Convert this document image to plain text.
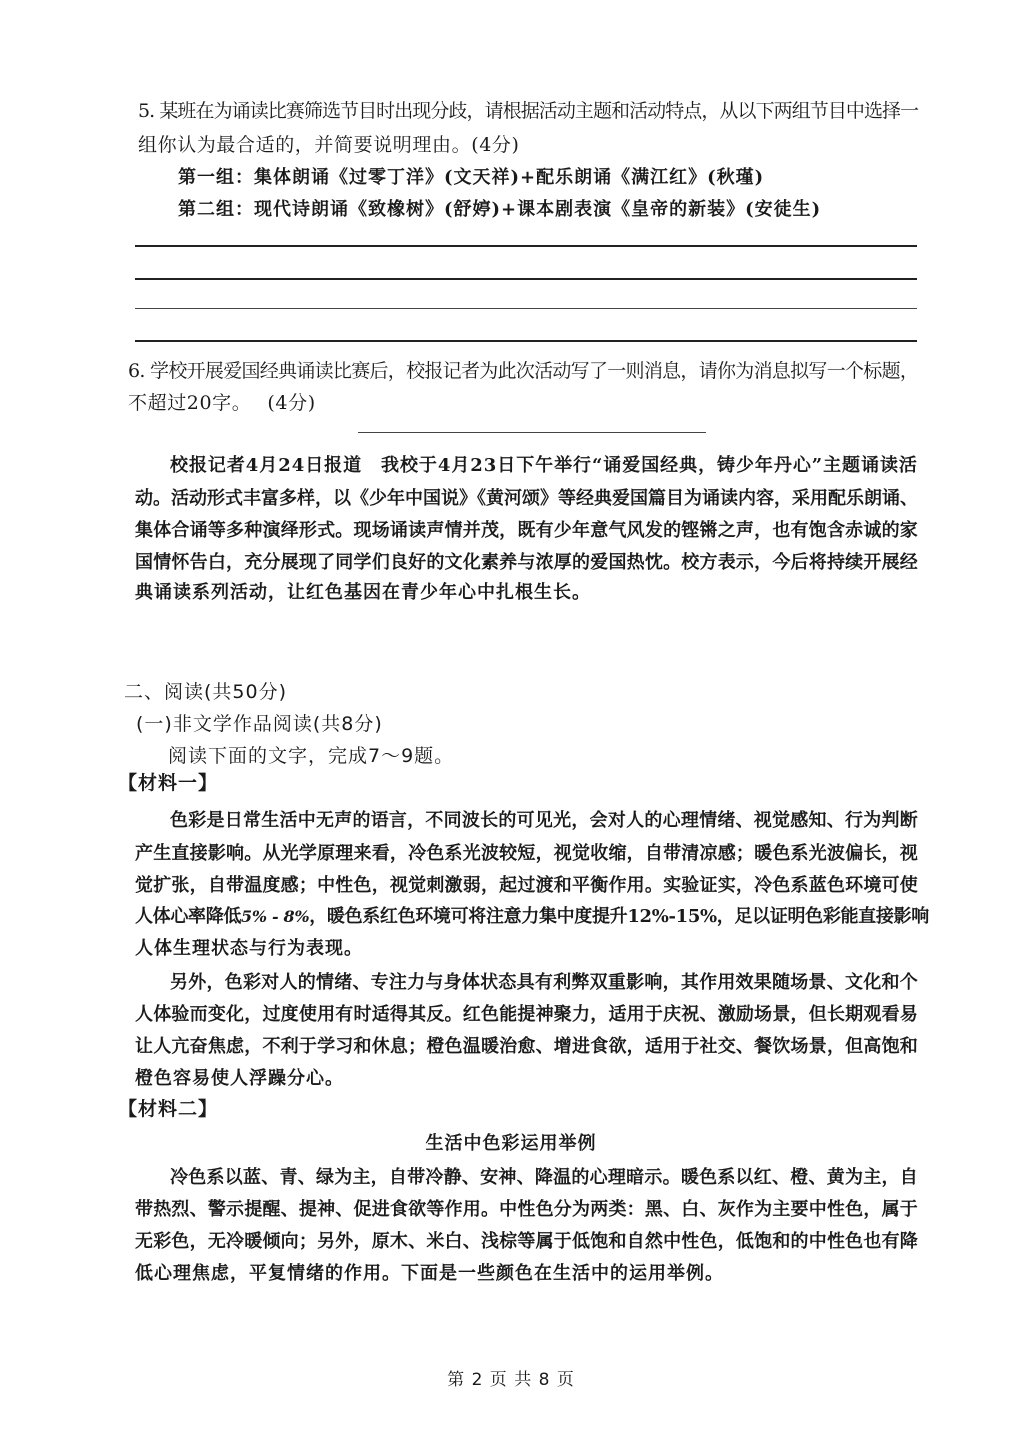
5. 某班在为诵读比赛筛选节目时出现分歧，请根据活动主题和活动特点，从以下两组节目中选择一
组你认为最合适的，并简要说明理由。(4分)
第一组：集体朗诵《过零丁洋》(文天祥)+配乐朗诵《满江红》(秋瑾)
第二组：现代诗朗诵《致橡树》(舒婷)+课本剧表演《皇帝的新装》(安徒生)
6. 学校开展爱国经典诵读比赛后，校报记者为此次活动写了一则消息，请你为消息拟写一个标题，
不超过20字。 (4分)
校报记者4月24日报道　我校于4月23日下午举行“诵爱国经典，铸少年丹心”主题诵读活
动。活动形式丰富多样，以《少年中国说》《黄河颂》等经典爱国篇目为诵读内容，采用配乐朗诵、
集体合诵等多种演绎形式。现场诵读声情并茂，既有少年意气风发的铿锵之声，也有饱含赤诚的家
国情怀告白，充分展现了同学们良好的文化素养与浓厚的爱国热忱。校方表示，今后将持续开展经
典诵读系列活动，让红色基因在青少年心中扎根生长。
二、阅读(共50分)
(一)非文学作品阅读(共8分)
阅读下面的文字，完成7～9题。
【材料一】
色彩是日常生活中无声的语言，不同波长的可见光，会对人的心理情绪、视觉感知、行为判断
产生直接影响。从光学原理来看，冷色系光波较短，视觉收缩，自带清凉感；暖色系光波偏长，视
觉扩张，自带温度感；中性色，视觉刺激弱，起过渡和平衡作用。实验证实，冷色系蓝色环境可使
人体心率降低5% - 8%，暖色系红色环境可将注意力集中度提升12%-15%，足以证明色彩能直接影响
人体生理状态与行为表现。
另外，色彩对人的情绪、专注力与身体状态具有利弊双重影响，其作用效果随场景、文化和个
人体验而变化，过度使用有时适得其反。红色能提神聚力，适用于庆祝、激励场景，但长期观看易
让人亢奋焦虑，不利于学习和休息；橙色温暖治愈、增进食欲，适用于社交、餐饮场景，但高饱和
橙色容易使人浮躁分心。
【材料二】
生活中色彩运用举例
冷色系以蓝、青、绿为主，自带冷静、安神、降温的心理暗示。暖色系以红、橙、黄为主，自
带热烈、警示提醒、提神、促进食欲等作用。中性色分为两类：黑、白、灰作为主要中性色，属于
无彩色，无冷暖倾向；另外，原木、米白、浅棕等属于低饱和自然中性色，低饱和的中性色也有降
低心理焦虑，平复情绪的作用。下面是一些颜色在生活中的运用举例。
第 2 页 共 8 页
